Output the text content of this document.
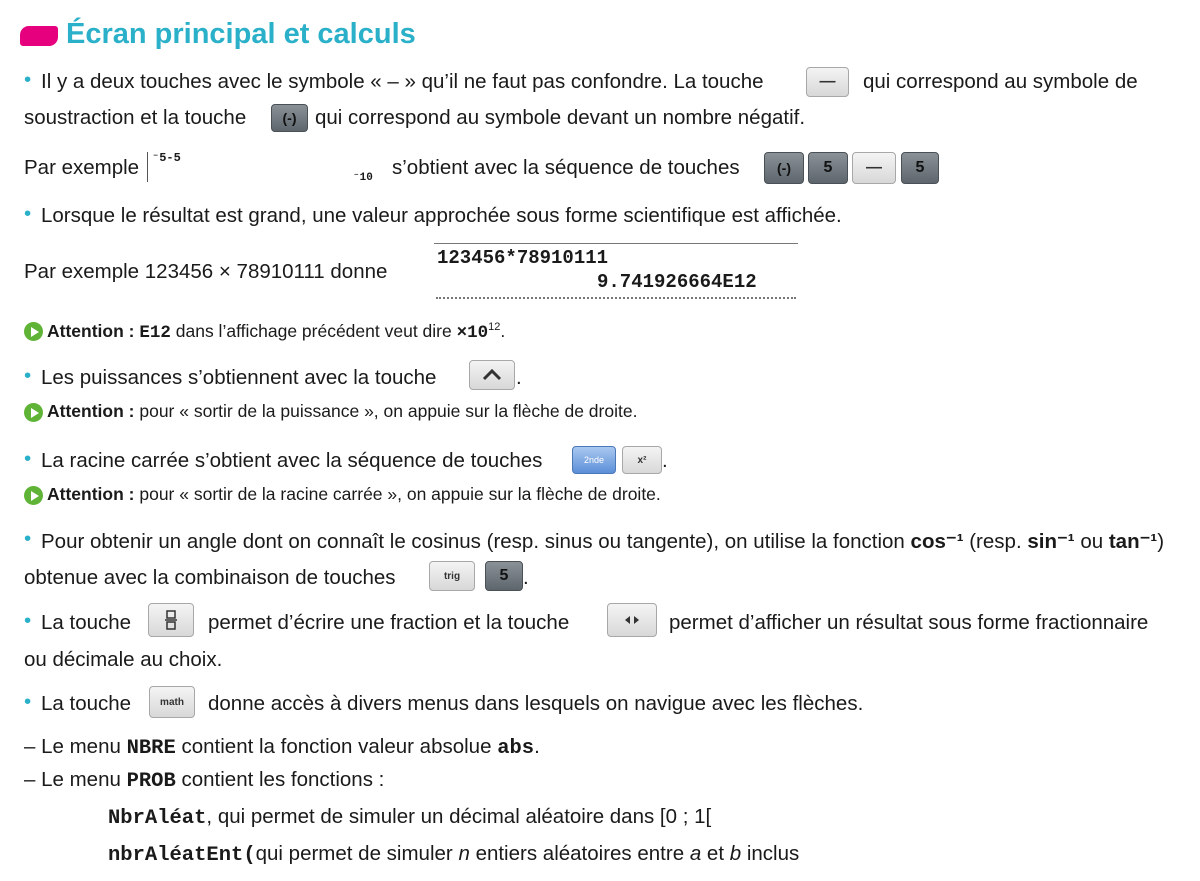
Écran principal et calculs
• Il y a deux touches avec le symbole « – » qu’il ne faut pas confondre. La touche	— qui correspond au symbole de
soustraction et la touche	(-) qui correspond au symbole devant un nombre négatif.
Par exemple ⁻5-5
⁻10 s’obtient avec la séquence de touches	(-) 5 — 5
• Lorsque le résultat est grand, une valeur approchée sous forme scientifique est affichée.
Par exemple 123456 × 78910111 donne
123456*78910111
9.741926664E12
Attention : E12 dans l’affichage précédent veut dire $\times 10^{12}$.
• Les puissances s’obtiennent avec la touche	.
Attention : pour « sortir de la puissance », on appuie sur la flèche de droite.
• La racine carrée s’obtient avec la séquence de touches	2nde	x² .
Attention : pour « sortir de la racine carrée », on appuie sur la flèche de droite.
• Pour obtenir un angle dont on connaît le cosinus (resp. sinus ou tangente), on utilise la fonction cos⁻¹ (resp. sin⁻¹ ou tan⁻¹)
obtenue avec la combinaison de touches	trig 5 .
• La touche	permet d’écrire une fraction et la touche	permet d’afficher un résultat sous forme fractionnaire
ou décimale au choix.
• La touche	math donne accès à divers menus dans lesquels on navigue avec les flèches.
– Le menu NBRE contient la fonction valeur absolue abs.
– Le menu PROB contient les fonctions :
NbrAléat, qui permet de simuler un décimal aléatoire dans [0 ; 1[
nbrAléatEnt(qui permet de simuler n entiers aléatoires entre a et b inclus
